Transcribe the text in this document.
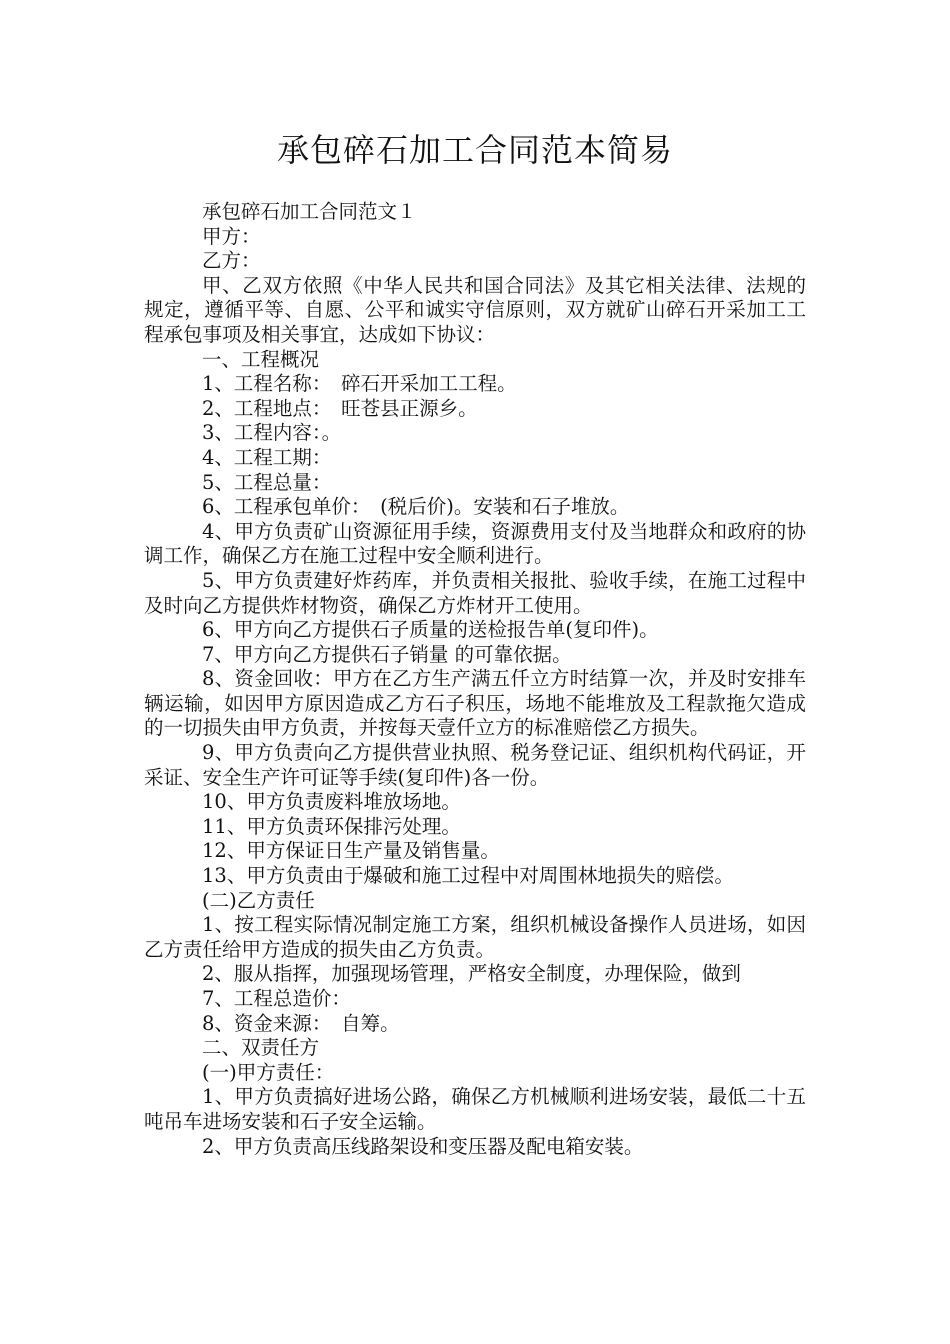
承包碎石加工合同范本简易

承包碎石加工合同范文１

甲方：

乙方：

甲、乙双方依照《中华人民共和国合同法》及其它相关法律、法规的规定，遵循平等、自愿、公平和诚实守信原则，双方就矿山碎石开采加工工程承包事项及相关事宜，达成如下协议：

一、工程概况

1、工程名称：　碎石开采加工工程。

2、工程地点：　旺苍县正源乡。

3、工程内容：。

4、工程工期：

5、工程总量：

6、工程承包单价：　(税后价)。安装和石子堆放。

4、甲方负责矿山资源征用手续，资源费用支付及当地群众和政府的协调工作，确保乙方在施工过程中安全顺利进行。

5、甲方负责建好炸药库，并负责相关报批、验收手续，在施工过程中及时向乙方提供炸材物资，确保乙方炸材开工使用。

6、甲方向乙方提供石子质量的送检报告单(复印件)。

7、甲方向乙方提供石子销量 的可靠依据。

8、资金回收：甲方在乙方生产满五仟立方时结算一次，并及时安排车辆运输，如因甲方原因造成乙方石子积压，场地不能堆放及工程款拖欠造成的一切损失由甲方负责，并按每天壹仟立方的标准赔偿乙方损失。

9、甲方负责向乙方提供营业执照、税务登记证、组织机构代码证，开采证、安全生产许可证等手续(复印件)各一份。

10、甲方负责废料堆放场地。

11、甲方负责环保排污处理。

12、甲方保证日生产量及销售量。

13、甲方负责由于爆破和施工过程中对周围林地损失的赔偿。

(二)乙方责任

1、按工程实际情况制定施工方案，组织机械设备操作人员进场，如因乙方责任给甲方造成的损失由乙方负责。

2、服从指挥，加强现场管理，严格安全制度，办理保险，做到

7、工程总造价：

8、资金来源：　自筹。

二、双责任方

(一)甲方责任：

1、甲方负责搞好进场公路，确保乙方机械顺利进场安装，最低二十五吨吊车进场安装和石子安全运输。

2、甲方负责高压线路架设和变压器及配电箱安装。
